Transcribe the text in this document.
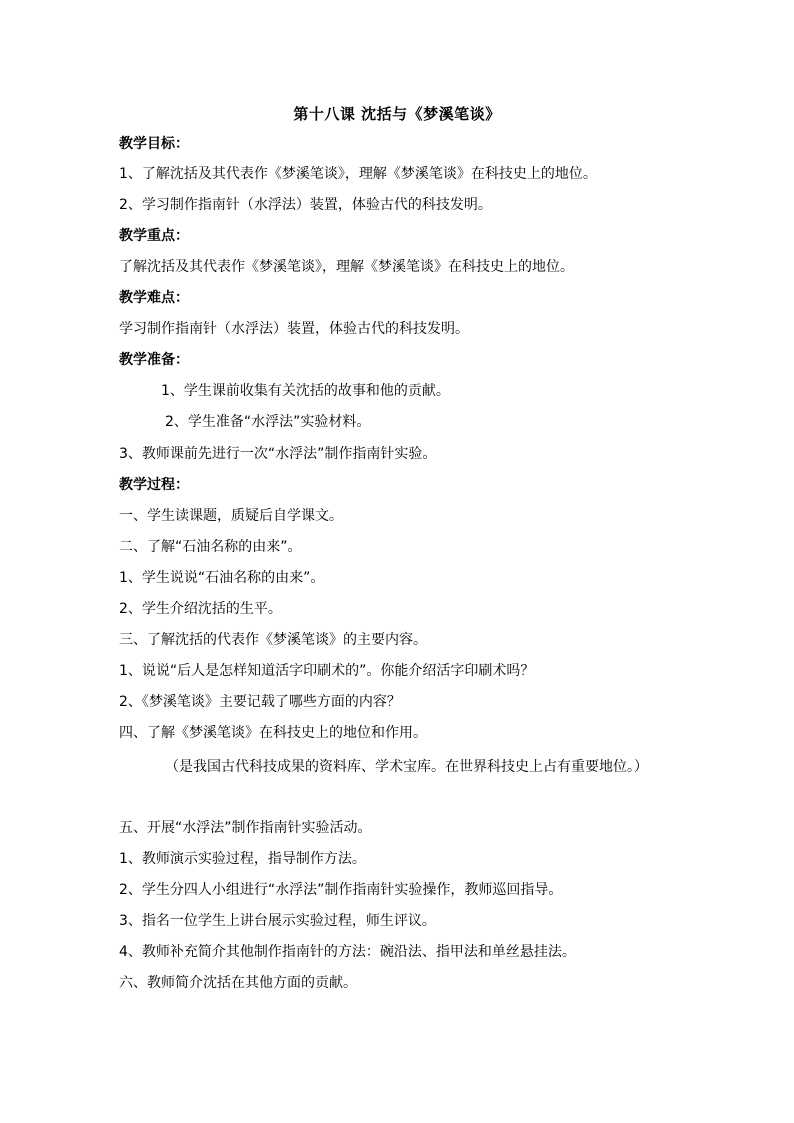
第十八课 沈括与《梦溪笔谈》
教学目标：
1、了解沈括及其代表作《梦溪笔谈》，理解《梦溪笔谈》在科技史上的地位。
2、学习制作指南针（水浮法）装置，体验古代的科技发明。
教学重点：
了解沈括及其代表作《梦溪笔谈》，理解《梦溪笔谈》在科技史上的地位。
教学难点：
学习制作指南针（水浮法）装置，体验古代的科技发明。
教学准备：
1、学生课前收集有关沈括的故事和他的贡献。
2、学生准备“水浮法”实验材料。
3、教师课前先进行一次“水浮法”制作指南针实验。
教学过程：
一、学生读课题，质疑后自学课文。
二、了解“石油名称的由来”。
1、学生说说“石油名称的由来”。
2、学生介绍沈括的生平。
三、了解沈括的代表作《梦溪笔谈》的主要内容。
1、说说“后人是怎样知道活字印刷术的”。你能介绍活字印刷术吗？
2、《梦溪笔谈》主要记载了哪些方面的内容？
四、了解《梦溪笔谈》在科技史上的地位和作用。
（是我国古代科技成果的资料库、学术宝库。在世界科技史上占有重要地位。）
五、开展“水浮法”制作指南针实验活动。
1、教师演示实验过程，指导制作方法。
2、学生分四人小组进行“水浮法”制作指南针实验操作，教师巡回指导。
3、指名一位学生上讲台展示实验过程，师生评议。
4、教师补充简介其他制作指南针的方法：碗沿法、指甲法和单丝悬挂法。
六、教师简介沈括在其他方面的贡献。
